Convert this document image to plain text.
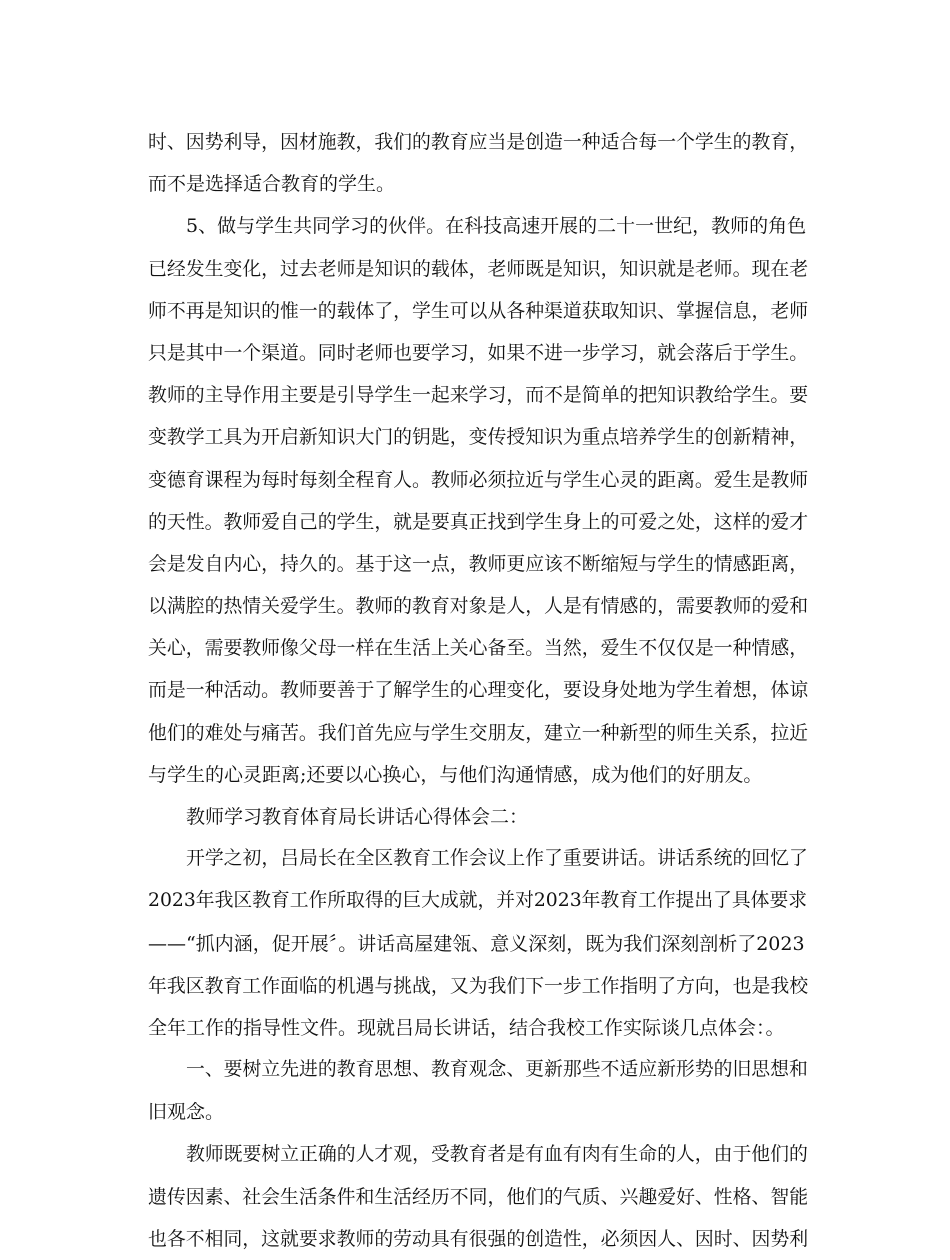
时、因势利导，因材施教，我们的教育应当是创造一种适合每一个学生的教育，
而不是选择适合教育的学生。
5、做与学生共同学习的伙伴。在科技高速开展的二十一世纪，教师的角色
已经发生变化，过去老师是知识的载体，老师既是知识，知识就是老师。现在老
师不再是知识的惟一的载体了，学生可以从各种渠道获取知识、掌握信息，老师
只是其中一个渠道。同时老师也要学习，如果不进一步学习，就会落后于学生。
教师的主导作用主要是引导学生一起来学习，而不是简单的把知识教给学生。要
变教学工具为开启新知识大门的钥匙，变传授知识为重点培养学生的创新精神，
变德育课程为每时每刻全程育人。教师必须拉近与学生心灵的距离。爱生是教师
的天性。教师爱自己的学生，就是要真正找到学生身上的可爱之处，这样的爱才
会是发自内心，持久的。基于这一点，教师更应该不断缩短与学生的情感距离，
以满腔的热情关爱学生。教师的教育对象是人，人是有情感的，需要教师的爱和
关心，需要教师像父母一样在生活上关心备至。当然，爱生不仅仅是一种情感，
而是一种活动。教师要善于了解学生的心理变化，要设身处地为学生着想，体谅
他们的难处与痛苦。我们首先应与学生交朋友，建立一种新型的师生关系，拉近
与学生的心灵距离;还要以心换心，与他们沟通情感，成为他们的好朋友。
教师学习教育体育局长讲话心得体会二：
开学之初，吕局长在全区教育工作会议上作了重要讲话。讲话系统的回忆了
2023年我区教育工作所取得的巨大成就，并对2023年教育工作提出了具体要求
——“抓内涵，促开展〞。讲话高屋建瓴、意义深刻，既为我们深刻剖析了2023
年我区教育工作面临的机遇与挑战，又为我们下一步工作指明了方向，也是我校
全年工作的指导性文件。现就吕局长讲话，结合我校工作实际谈几点体会：。
一、要树立先进的教育思想、教育观念、更新那些不适应新形势的旧思想和
旧观念。
教师既要树立正确的人才观，受教育者是有血有肉有生命的人，由于他们的
遗传因素、社会生活条件和生活经历不同，他们的气质、兴趣爱好、性格、智能
也各不相同，这就要求教师的劳动具有很强的创造性，必须因人、因时、因势利
